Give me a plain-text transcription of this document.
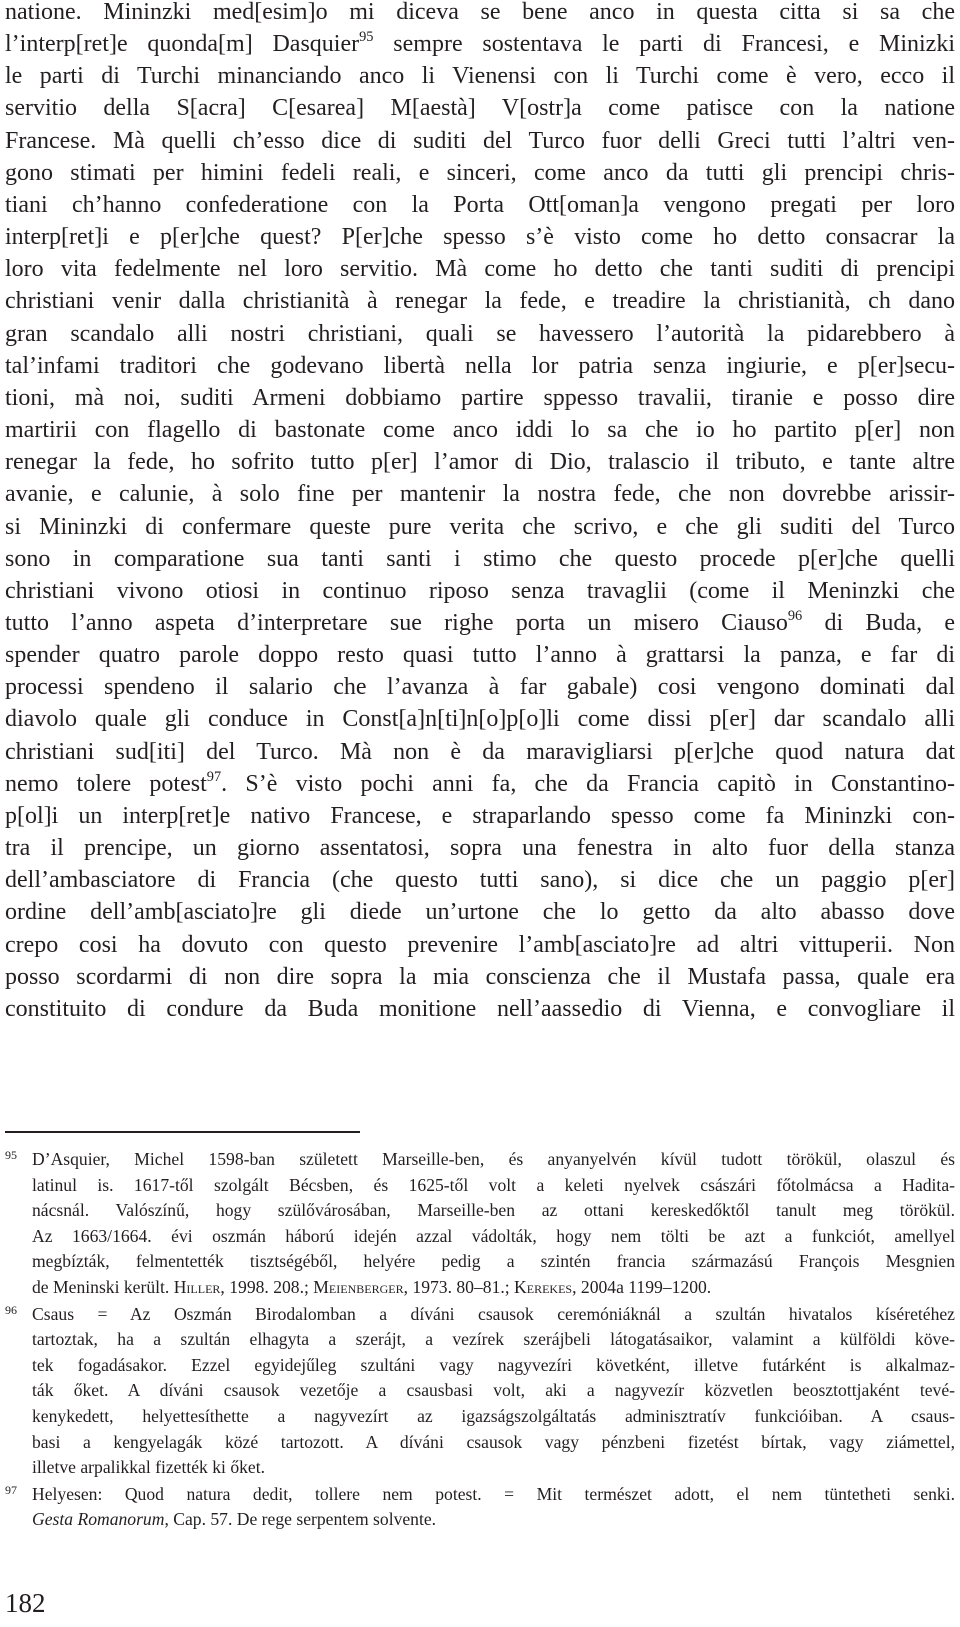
natione. Mininzki med[esim]o mi diceva se bene anco in questa citta si sa che
l’interp[ret]e quonda[m] Dasquier$^{95}$ sempre sostentava le parti di Francesi, e Minizki
le parti di Turchi minanciando anco li Vienensi con li Turchi come è vero, ecco il
servitio della S[acra] C[esarea] M[aestà] V[ostr]a come patisce con la natione
Francese. Mà quelli ch’esso dice di suditi del Turco fuor delli Greci tutti l’altri ven-
gono stimati per himini fedeli reali, e sinceri, come anco da tutti gli prencipi chris-
tiani ch’hanno confederatione con la Porta Ott[oman]a vengono pregati per loro
interp[ret]i e p[er]che quest? P[er]che spesso s’è visto come ho detto consacrar la
loro vita fedelmente nel loro servitio. Mà come ho detto che tanti suditi di prencipi
christiani venir dalla christianità à renegar la fede, e treadire la christianità, ch dano
gran scandalo alli nostri christiani, quali se havessero l’autorità la pidarebbero à
tal’infami traditori che godevano libertà nella lor patria senza ingiurie, e p[er]secu-
tioni, mà noi, suditi Armeni dobbiamo partire sppesso travalii, tiranie e posso dire
martirii con flagello di bastonate come anco iddi lo sa che io ho partito p[er] non
renegar la fede, ho sofrito tutto p[er] l’amor di Dio, tralascio il tributo, e tante altre
avanie, e calunie, à solo fine per mantenir la nostra fede, che non dovrebbe arissir-
si Mininzki di confermare queste pure verita che scrivo, e che gli suditi del Turco
sono in comparatione sua tanti santi i stimo che questo procede p[er]che quelli
christiani vivono otiosi in continuo riposo senza travaglii (come il Meninzki che
tutto l’anno aspeta d’interpretare sue righe porta un misero Ciauso$^{96}$ di Buda, e
spender quatro parole doppo resto quasi tutto l’anno à grattarsi la panza, e far di
processi spendeno il salario che l’avanza à far gabale) cosi vengono dominati dal
diavolo quale gli conduce in Const[a]n[ti]n[o]p[o]li come dissi p[er] dar scandalo alli
christiani sud[iti] del Turco. Mà non è da maravigliarsi p[er]che quod natura dat
nemo tolere potest$^{97}$. S’è visto pochi anni fa, che da Francia capitò in Constantino-
p[ol]i un interp[ret]e nativo Francese, e straparlando spesso come fa Mininzki con-
tra il prencipe, un giorno assentatosi, sopra una fenestra in alto fuor della stanza
dell’ambasciatore di Francia (che questo tutti sano), si dice che un paggio p[er]
ordine dell’amb[asciato]re gli diede un’urtone che lo getto da alto abasso dove
crepo cosi ha dovuto con questo prevenire l’amb[asciato]re ad altri vittuperii. Non
posso scordarmi di non dire sopra la mia conscienza che il Mustafa passa, quale era
constituito di condure da Buda monitione nell’aassedio di Vienna, e convogliare il
95 D’Asquier, Michel 1598-ban született Marseille-ben, és anyanyelvén kívül tudott törökül, olaszul és
latinul is. 1617-től szolgált Bécsben, és 1625-től volt a keleti nyelvek császári főtolmácsa a Hadita-
nácsnál. Valószínű, hogy szülővárosában, Marseille-ben az ottani kereskedőktől tanult meg törökül.
Az 1663/1664. évi oszmán háború idején azzal vádolták, hogy nem tölti be azt a funkciót, amellyel
megbízták, felmentették tisztségéből, helyére pedig a szintén francia származású François Mesgnien
de Meninski került. Hiller, 1998. 208.; Meienberger, 1973. 80–81.; Kerekes, 2004a 1199–1200.
96 Csaus = Az Oszmán Birodalomban a díváni csausok ceremóniáknál a szultán hivatalos kíséretéhez
tartoztak, ha a szultán elhagyta a szerájt, a vezírek szerájbeli látogatásaikor, valamint a külföldi köve-
tek fogadásakor. Ezzel egyidejűleg szultáni vagy nagyvezíri követként, illetve futárként is alkalmaz-
ták őket. A díváni csausok vezetője a csausbasi volt, aki a nagyvezír közvetlen beosztottjaként tevé-
kenykedett, helyettesíthette a nagyvezírt az igazságszolgáltatás adminisztratív funkcióiban. A csaus-
basi a kengyelagák közé tartozott. A díváni csausok vagy pénzbeni fizetést bírtak, vagy ziámettel,
illetve arpalikkal fizették ki őket.
97 Helyesen: Quod natura dedit, tollere nem potest. = Mit természet adott, el nem tüntetheti senki.
Gesta Romanorum, Cap. 57. De rege serpentem solvente.
182
